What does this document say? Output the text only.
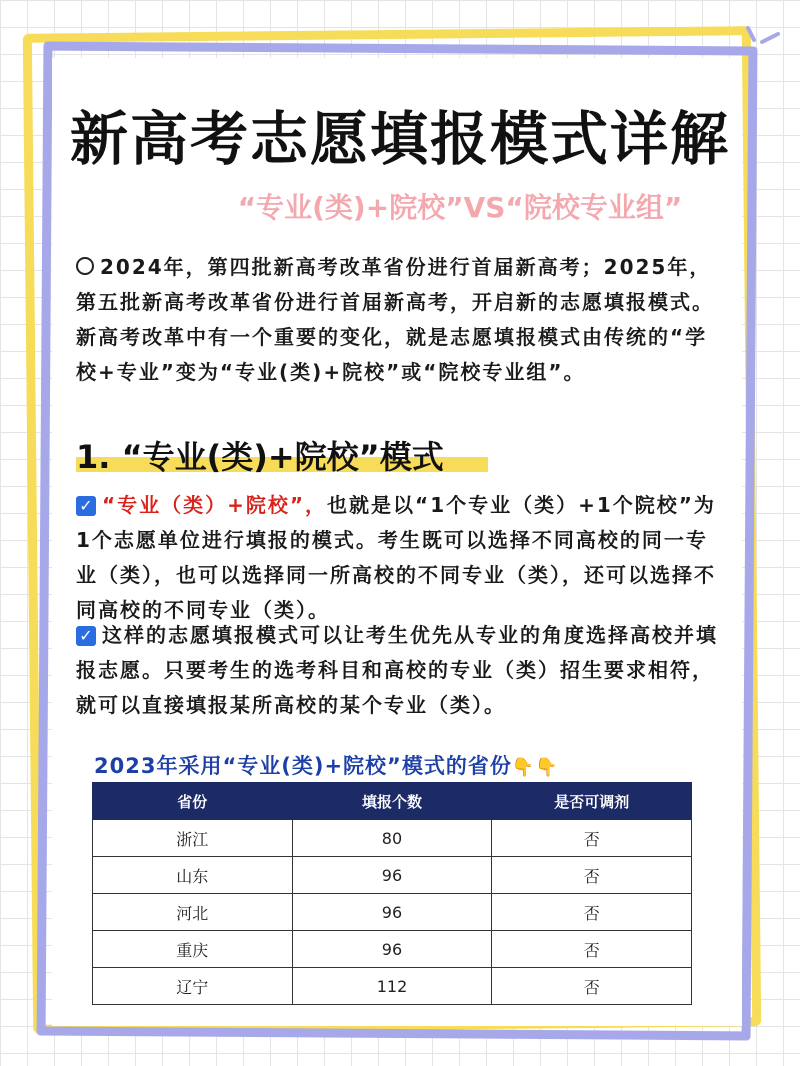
新高考志愿填报模式详解
“专业(类)+院校”VS“院校专业组”
2024年，第四批新高考改革省份进行首届新高考；2025年，第五批新高考改革省份进行首届新高考，开启新的志愿填报模式。新高考改革中有一个重要的变化，就是志愿填报模式由传统的“学校+专业”变为“专业(类)+院校”或“院校专业组”。
1. “专业(类)+院校”模式
✓ “专业（类）+院校”，也就是以“1个专业（类）+1个院校”为1个志愿单位进行填报的模式。考生既可以选择不同高校的同一专业（类），也可以选择同一所高校的不同专业（类），还可以选择不同高校的不同专业（类）。
✓ 这样的志愿填报模式可以让考生优先从专业的角度选择高校并填报志愿。只要考生的选考科目和高校的专业（类）招生要求相符，就可以直接填报某所高校的某个专业（类）。
2023年采用“专业(类)+院校”模式的省份👇👇
省份	填报个数	是否可调剂
浙江	80	否
山东	96	否
河北	96	否
重庆	96	否
辽宁	112	否
